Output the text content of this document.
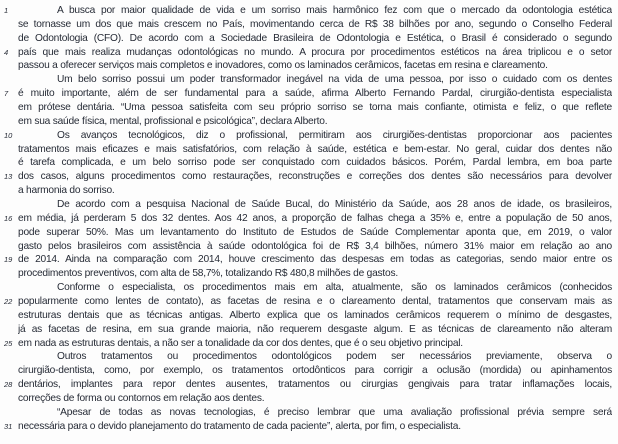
1	A busca por maior qualidade de vida e um sorriso mais harmônico fez com que o mercado da odontologia estética
se tornasse um dos que mais crescem no País, movimentando cerca de R$ 38 bilhões por ano, segundo o Conselho Federal
de Odontologia (CFO). De acordo com a Sociedade Brasileira de Odontologia e Estética, o Brasil é considerado o segundo
4 país que mais realiza mudanças odontológicas no mundo. A procura por procedimentos estéticos na área triplicou e o setor
passou a oferecer serviços mais completos e inovadores, como os laminados cerâmicos, facetas em resina e clareamento.
Um belo sorriso possui um poder transformador inegável na vida de uma pessoa, por isso o cuidado com os dentes
7 é muito importante, além de ser fundamental para a saúde, afirma Alberto Fernando Pardal, cirurgião-dentista especialista
em prótese dentária. “Uma pessoa satisfeita com seu próprio sorriso se torna mais confiante, otimista e feliz, o que reflete
em sua saúde física, mental, profissional e psicológica”, declara Alberto.
10	Os avanços tecnológicos, diz o profissional, permitiram aos cirurgiões-dentistas proporcionar aos pacientes
tratamentos mais eficazes e mais satisfatórios, com relação à saúde, estética e bem-estar. No geral, cuidar dos dentes não
é tarefa complicada, e um belo sorriso pode ser conquistado com cuidados básicos. Porém, Pardal lembra, em boa parte
13 dos casos, alguns procedimentos como restaurações, reconstruções e correções dos dentes são necessários para devolver
a harmonia do sorriso.
De acordo com a pesquisa Nacional de Saúde Bucal, do Ministério da Saúde, aos 28 anos de idade, os brasileiros,
16 em média, já perderam 5 dos 32 dentes. Aos 42 anos, a proporção de falhas chega a 35% e, entre a população de 50 anos,
pode superar 50%. Mas um levantamento do Instituto de Estudos de Saúde Complementar aponta que, em 2019, o valor
gasto pelos brasileiros com assistência à saúde odontológica foi de R$ 3,4 bilhões, número 31% maior em relação ao ano
19 de 2014. Ainda na comparação com 2014, houve crescimento das despesas em todas as categorias, sendo maior entre os
procedimentos preventivos, com alta de 58,7%, totalizando R$ 480,8 milhões de gastos.
Conforme o especialista, os procedimentos mais em alta, atualmente, são os laminados cerâmicos (conhecidos
22 popularmente como lentes de contato), as facetas de resina e o clareamento dental, tratamentos que conservam mais as
estruturas dentais que as técnicas antigas. Alberto explica que os laminados cerâmicos requerem o mínimo de desgastes,
já as facetas de resina, em sua grande maioria, não requerem desgaste algum. E as técnicas de clareamento não alteram
25 em nada as estruturas dentais, a não ser a tonalidade da cor dos dentes, que é o seu objetivo principal.
Outros tratamentos ou procedimentos odontológicos podem ser necessários previamente, observa o
cirurgião-dentista, como, por exemplo, os tratamentos ortodônticos para corrigir a oclusão (mordida) ou apinhamentos
28 dentários, implantes para repor dentes ausentes, tratamentos ou cirurgias gengivais para tratar inflamações locais,
correções de forma ou contornos em relação aos dentes.
“Apesar de todas as novas tecnologias, é preciso lembrar que uma avaliação profissional prévia sempre será
31 necessária para o devido planejamento do tratamento de cada paciente”, alerta, por fim, o especialista.
